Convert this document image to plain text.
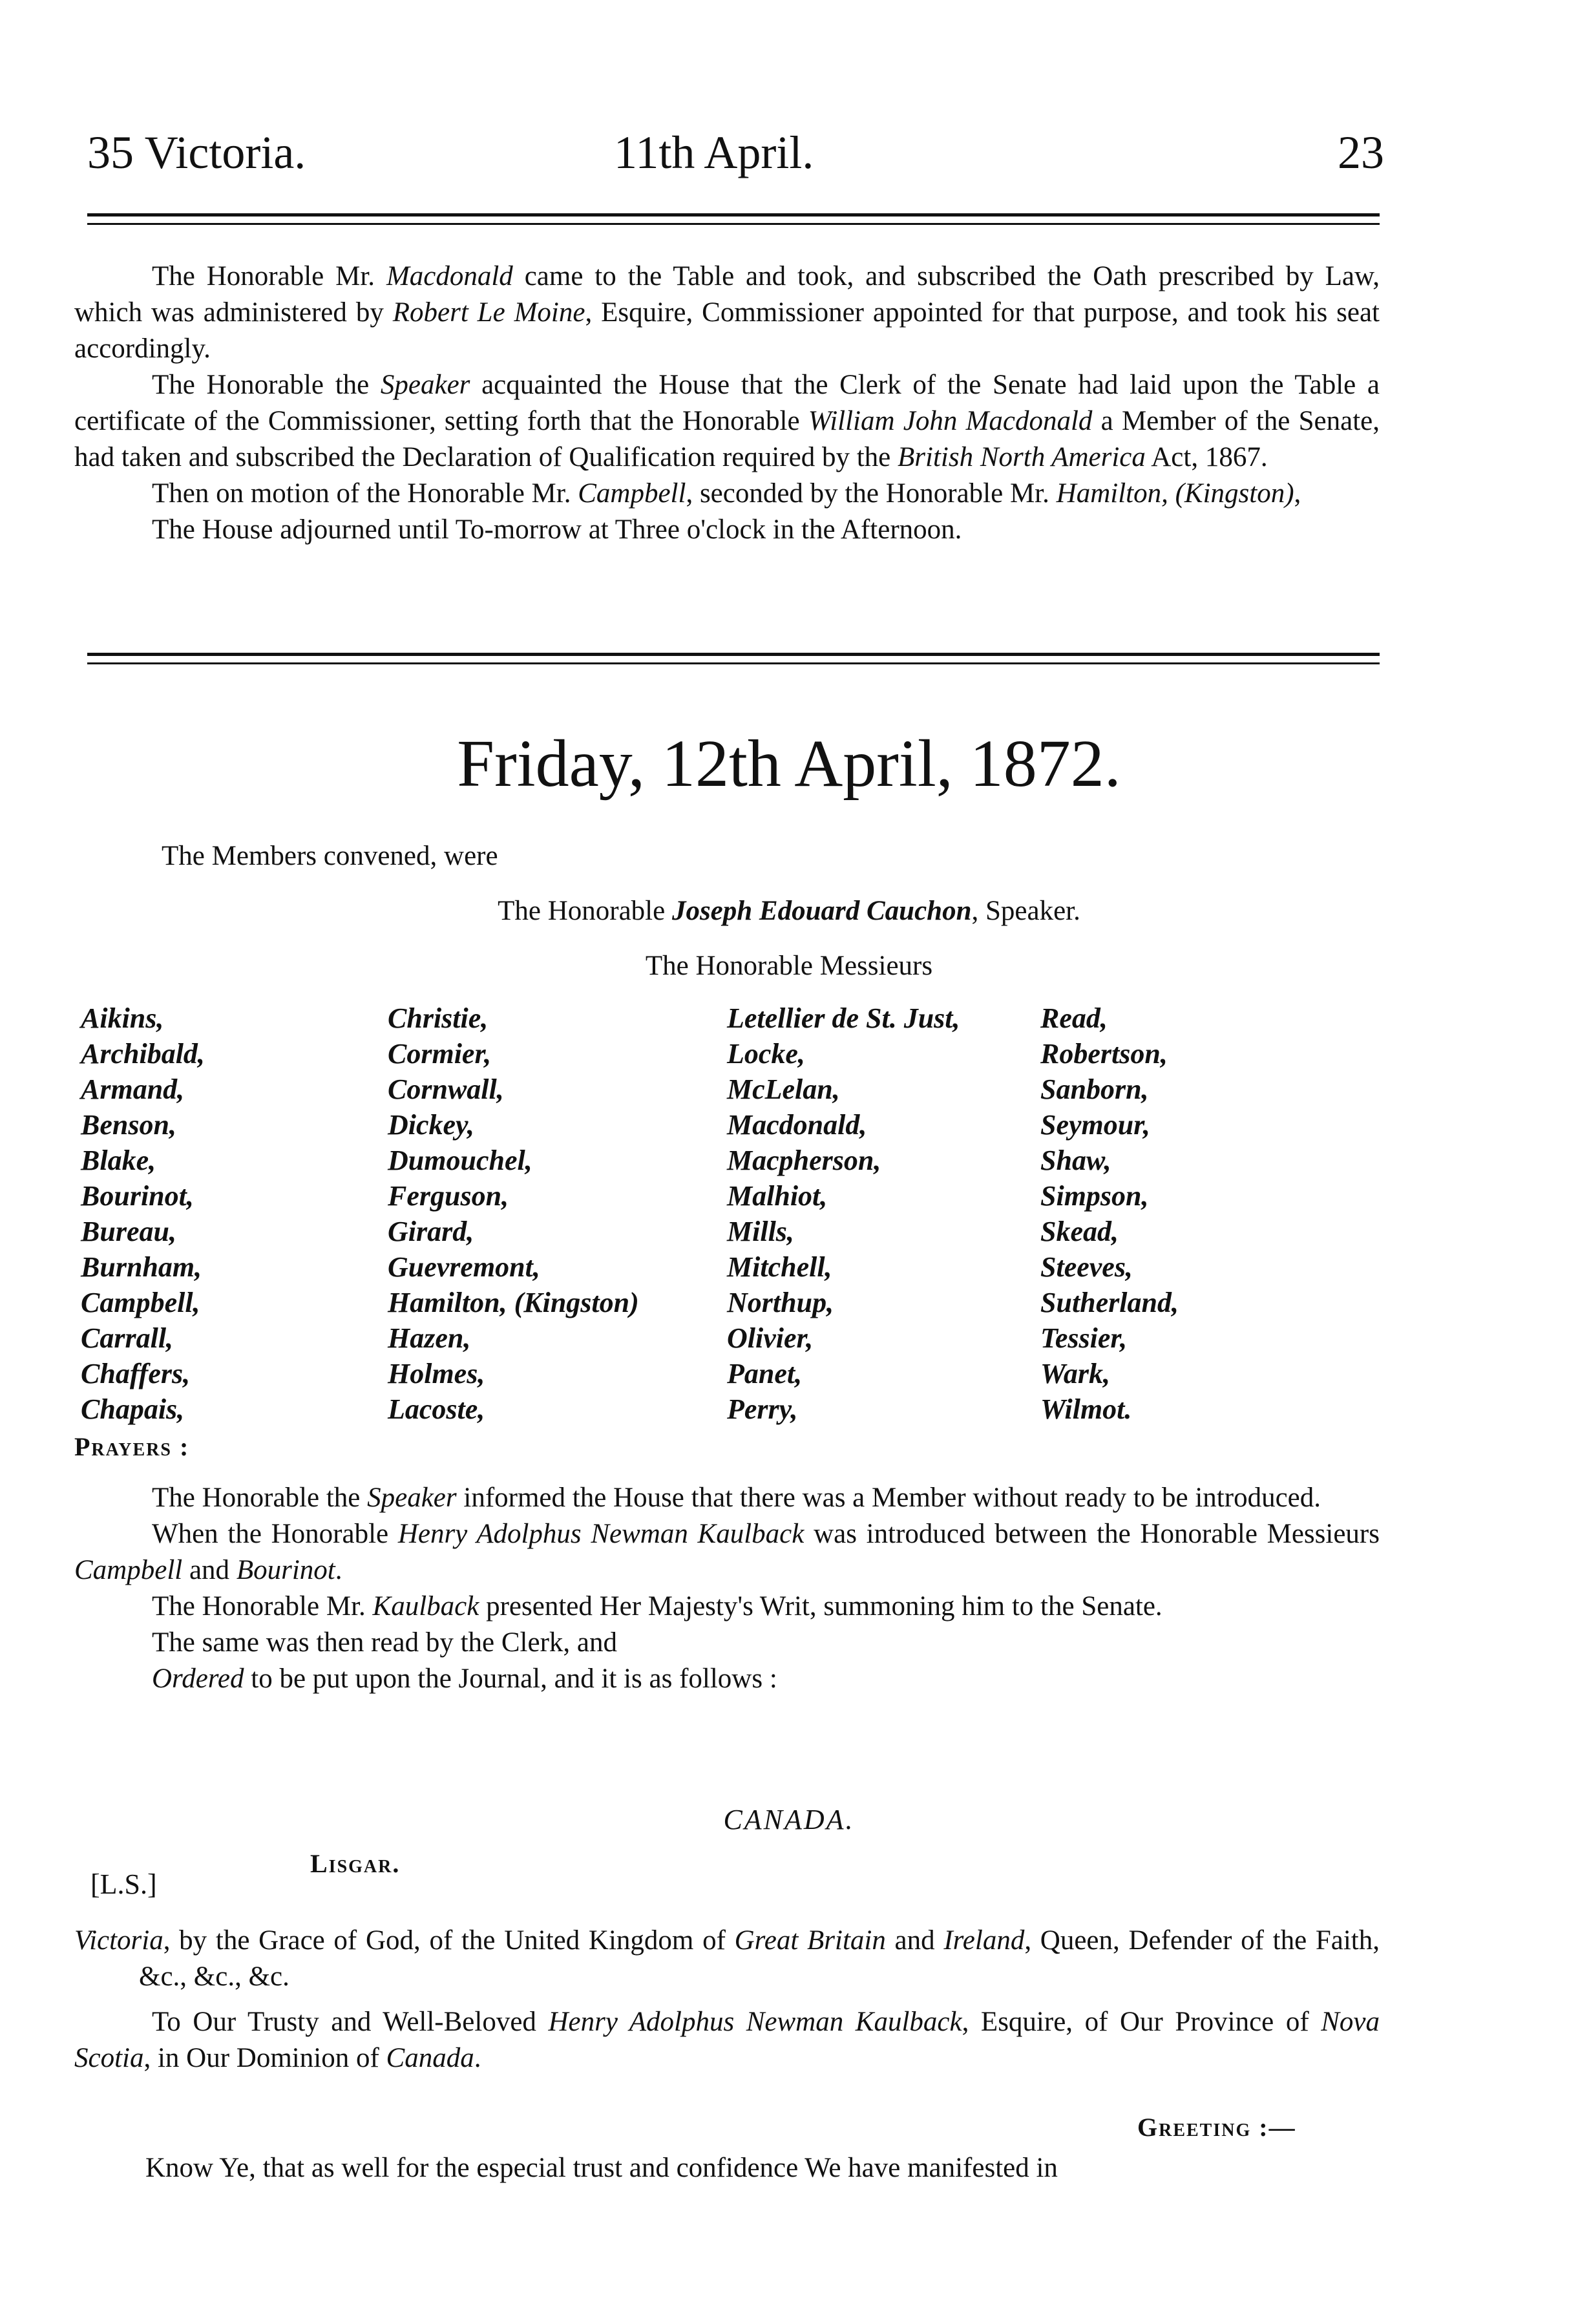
35 Victoria.	11th April.	23

The Honorable Mr. Macdonald came to the Table and took, and subscribed the Oath prescribed by Law, which was administered by Robert Le Moine, Esquire, Commissioner appointed for that purpose, and took his seat accordingly.

The Honorable the Speaker acquainted the House that the Clerk of the Senate had laid upon the Table a certificate of the Commissioner, setting forth that the Honorable William John Macdonald a Member of the Senate, had taken and subscribed the Declaration of Qualification required by the British North America Act, 1867.

Then on motion of the Honorable Mr. Campbell, seconded by the Honorable Mr. Hamilton, (Kingston),

The House adjourned until To-morrow at Three o'clock in the Afternoon.

Friday, 12th April, 1872.
The Members convened, were
The Honorable Joseph Edouard Cauchon, Speaker.
The Honorable Messieurs
Aikins,
Archibald,
Armand,
Benson,
Blake,
Bourinot,
Bureau,
Burnham,
Campbell,
Carrall,
Chaffers,
Chapais,
Christie,
Cormier,
Cornwall,
Dickey,
Dumouchel,
Ferguson,
Girard,
Guevremont,
Hamilton, (Kingston)
Hazen,
Holmes,
Lacoste,
Letellier de St. Just,
Locke,
McLelan,
Macdonald,
Macpherson,
Malhiot,
Mills,
Mitchell,
Northup,
Olivier,
Panet,
Perry,
Read,
Robertson,
Sanborn,
Seymour,
Shaw,
Simpson,
Skead,
Steeves,
Sutherland,
Tessier,
Wark,
Wilmot.
Prayers :

The Honorable the Speaker informed the House that there was a Member without ready to be introduced.

When the Honorable Henry Adolphus Newman Kaulback was introduced between the Honorable Messieurs Campbell and Bourinot.

The Honorable Mr. Kaulback presented Her Majesty's Writ, summoning him to the Senate.

The same was then read by the Clerk, and

Ordered to be put upon the Journal, and it is as follows :

CANADA.
Lisgar.
[L.S.]

Victoria, by the Grace of God, of the United Kingdom of Great Britain and Ireland, Queen, Defender of the Faith, &c., &c., &c.

To Our Trusty and Well-Beloved Henry Adolphus Newman Kaulback, Esquire, of Our Province of Nova Scotia, in Our Dominion of Canada.

Greeting :—
Know Ye, that as well for the especial trust and confidence We have manifested in
